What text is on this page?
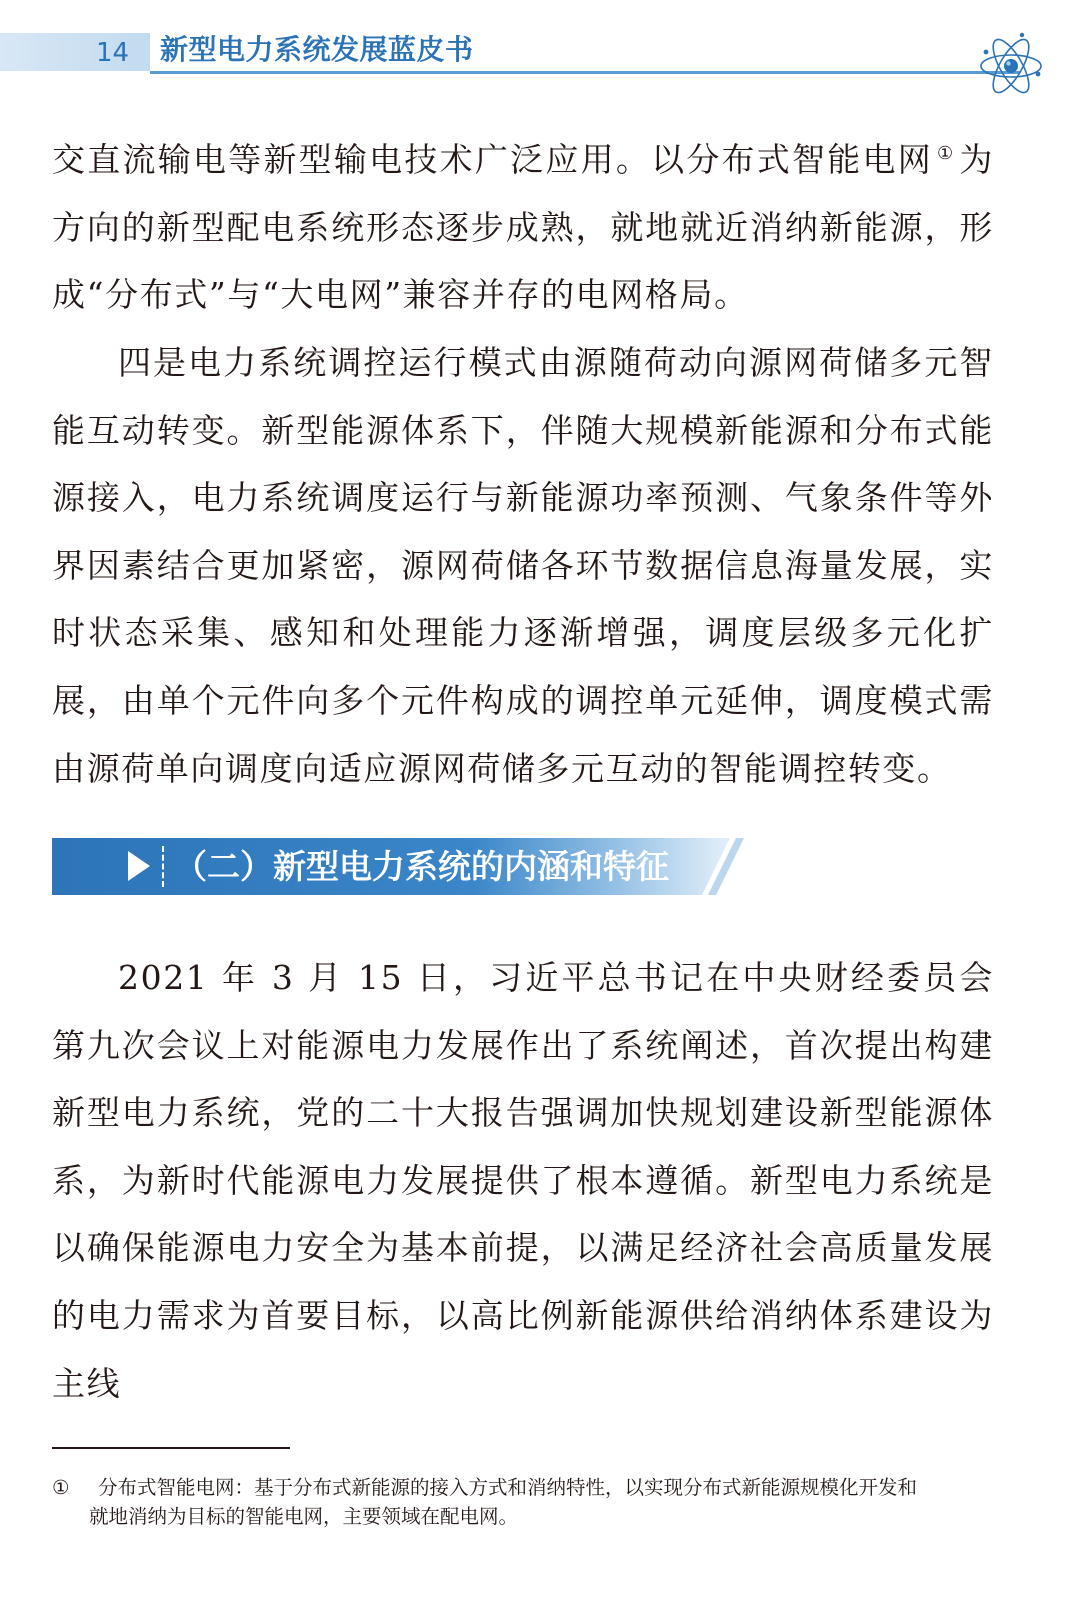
14	新型电力系统发展蓝皮书

交直流输电等新型输电技术广泛应用。以分布式智能电网 ① 为方向的新型配电系统形态逐步成熟，就地就近消纳新能源，形成“分布式”与“大电网”兼容并存的电网格局。

四是电力系统调控运行模式由源随荷动向源网荷储多元智能互动转变。新型能源体系下，伴随大规模新能源和分布式能源接入，电力系统调度运行与新能源功率预测、气象条件等外界因素结合更加紧密，源网荷储各环节数据信息海量发展，实时状态采集、感知和处理能力逐渐增强，调度层级多元化扩展，由单个元件向多个元件构成的调控单元延伸，调度模式需由源荷单向调度向适应源网荷储多元互动的智能调控转变。

（二）新型电力系统的内涵和特征

2021 年 3 月 15 日，习近平总书记在中央财经委员会第九次会议上对能源电力发展作出了系统阐述，首次提出构建新型电力系统，党的二十大报告强调加快规划建设新型能源体系，为新时代能源电力发展提供了根本遵循。新型电力系统是以确保能源电力安全为基本前提，以满足经济社会高质量发展的电力需求为首要目标，以高比例新能源供给消纳体系建设为主线

① 分布式智能电网：基于分布式新能源的接入方式和消纳特性，以实现分布式新能源规模化开发和
就地消纳为目标的智能电网，主要领域在配电网。
